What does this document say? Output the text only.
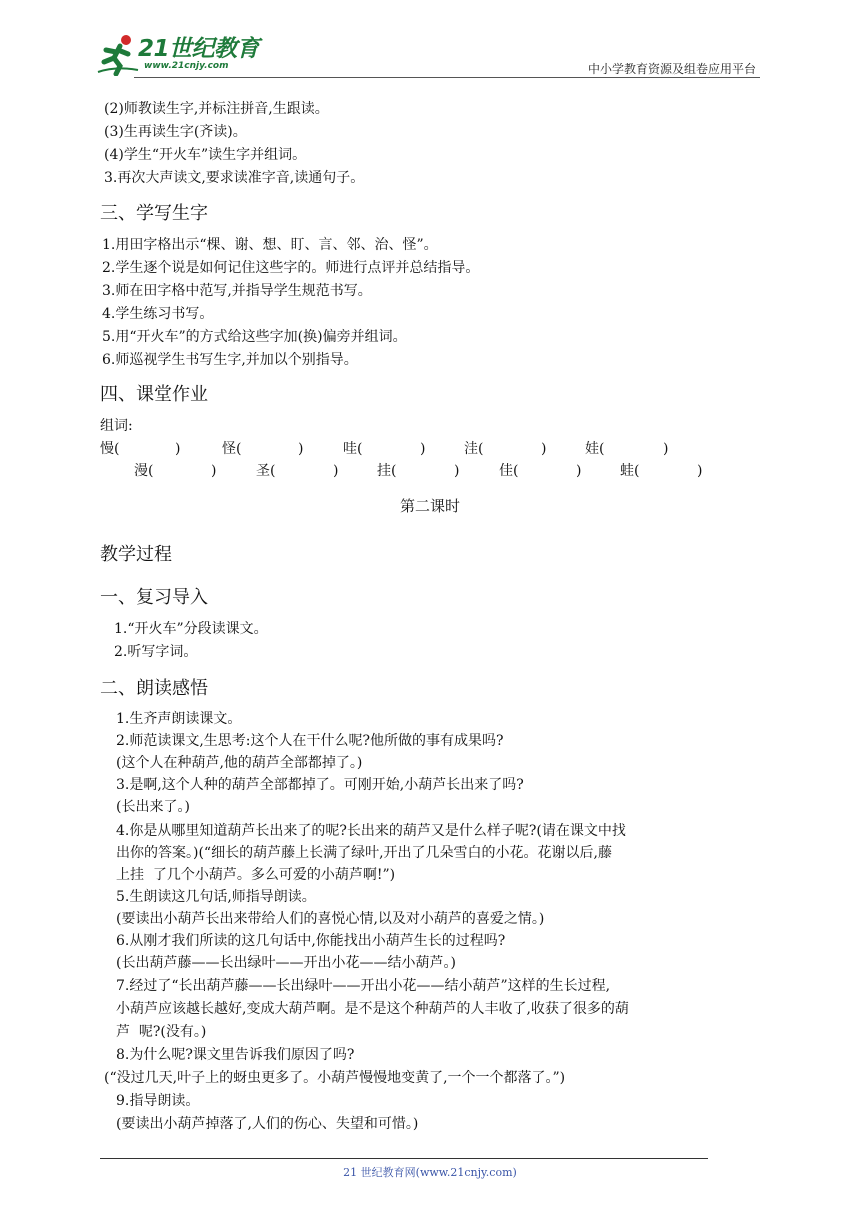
21世纪教育
www.21cnjy.com	中小学教育资源及组卷应用平台
(2)师教读生字,并标注拼音,生跟读。
(3)生再读生字(齐读)。
(4)学生“开火车”读生字并组词。
3.再次大声读文,要求读准字音,读通句子。
三、学写生字
1.用田字格出示“棵、谢、想、盯、言、邻、治、怪”。
2.学生逐个说是如何记住这些字的。师进行点评并总结指导。
3.师在田字格中范写,并指导学生规范书写。
4.学生练习书写。
5.用“开火车”的方式给这些字加(换)偏旁并组词。
6.师巡视学生书写生字,并加以个别指导。
四、课堂作业
组词:
慢(	)	怪(	)	哇(	)	洼(	)	娃(	)
漫(	)	圣(	)	挂(	)	佳(	)	蛙(	)
第二课时
教学过程
一、复习导入
1.“开火车”分段读课文。
2.听写字词。
二、朗读感悟
1.生齐声朗读课文。
2.师范读课文,生思考:这个人在干什么呢?他所做的事有成果吗?
(这个人在种葫芦,他的葫芦全部都掉了。)
3.是啊,这个人种的葫芦全部都掉了。可刚开始,小葫芦长出来了吗?
(长出来了。)
4.你是从哪里知道葫芦长出来了的呢?长出来的葫芦又是什么样子呢?(请在课文中找
出你的答案。)(“细长的葫芦藤上长满了绿叶,开出了几朵雪白的小花。花谢以后,藤
上挂  了几个小葫芦。多么可爱的小葫芦啊!”)
5.生朗读这几句话,师指导朗读。
(要读出小葫芦长出来带给人们的喜悦心情,以及对小葫芦的喜爱之情。)
6.从刚才我们所读的这几句话中,你能找出小葫芦生长的过程吗?
(长出葫芦藤——长出绿叶——开出小花——结小葫芦。)
7.经过了“长出葫芦藤——长出绿叶——开出小花——结小葫芦”这样的生长过程,
小葫芦应该越长越好,变成大葫芦啊。是不是这个种葫芦的人丰收了,收获了很多的葫
芦  呢?(没有。)
8.为什么呢?课文里告诉我们原因了吗?
(“没过几天,叶子上的蚜虫更多了。小葫芦慢慢地变黄了,一个一个都落了。”)
9.指导朗读。
(要读出小葫芦掉落了,人们的伤心、失望和可惜。)
21 世纪教育网(www.21cnjy.com)
